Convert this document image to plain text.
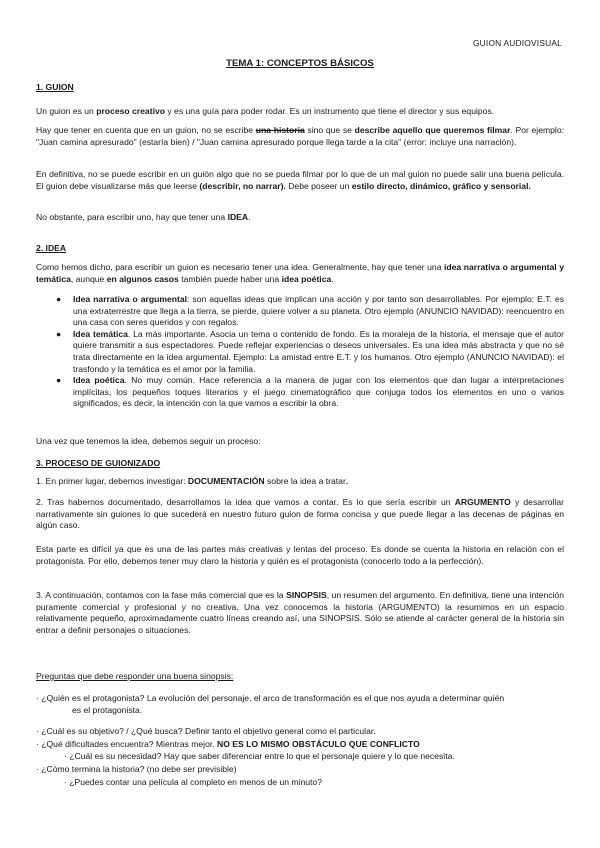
GUION AUDIOVISUAL
TEMA 1: CONCEPTOS BÁSICOS
1. GUION

Un guion es un proceso creativo y es una guía para poder rodar. Es un instrumento que tiene el director y sus equipos.

Hay que tener en cuenta que en un guion, no se escribe una historia sino que se describe aquello que queremos filmar. Por ejemplo: "Juan camina apresurado" (estaría bien) / "Juan camina apresurado porque llega tarde a la cita" (error: incluye una narración).

En definitiva, no se puede escribir en un guión algo que no se pueda filmar por lo que de un mal guion no puede salir una buena película. El guion debe visualizarse más que leerse (describir, no narrar). Debe poseer un estilo directo, dinámico, gráfico y sensorial.

No obstante, para escribir uno, hay que tener una IDEA.

2. IDEA

Como hemos dicho, para escribir un guion es necesario tener una idea. Generalmente, hay que tener una idea narrativa o argumental y temática, aunque en algunos casos también puede haber una idea poética.

● Idea narrativa o argumental: son aquellas ideas que implican una acción y por tanto son desarrollables. Por ejemplo: E.T. es una extraterrestre que llega a la tierra, se pierde, quiere volver a su planeta. Otro ejemplo (ANUNCIO NAVIDAD): reencuentro en una casa con seres queridos y con regalos.
● Idea temática. La más importante. Asocia un tema o contenido de fondo. Es la moraleja de la historia, el mensaje que el autor quiere transmitir a sus espectadores. Puede reflejar experiencias o deseos universales. Es una idea más abstracta y que no sé trata directamente en la idea argumental. Ejemplo: La amistad entre E.T. y los humanos. Otro ejemplo (ANUNCIO NAVIDAD): el trasfondo y la temática es el amor por la familia.
● Idea poética. No muy común. Hace referencia a la manera de jugar con los elementos que dan lugar a interpretaciones implícitas, los pequeños toques literarios y el juego cinematográfico que conjuga todos los elementos en uno o varios significados, es decir, la intención con la que vamos a escribir la obra.

Una vez que tenemos la idea, debemos seguir un proceso:

3. PROCESO DE GUIONIZADO

1. En primer lugar, debemos investigar: DOCUMENTACIÓN sobre la idea a tratar.

2. Tras habernos documentado, desarrollamos la idea que vamos a contar. Es lo que sería escribir un ARGUMENTO y desarrollar narrativamente sin guiones lo que sucederá en nuestro futuro guion de forma concisa y que puede llegar a las decenas de páginas en algún caso.

Esta parte es difícil ya que es una de las partes más creativas y lentas del proceso. Es donde se cuenta la historia en relación con el protagonista. Por ello, debemos tener muy claro la historia y quién es el protagonista (conocerlo todo a la perfección).

3. A continuación, contamos con la fase más comercial que es la SINOPSIS, un resumen del argumento. En definitiva, tiene una intención puramente comercial y profesional y no creativa. Una vez conocemos la historia (ARGUMENTO) la resumimos en un espacio relativamente pequeño, aproximadamente cuatro líneas creando así, una SINOPSIS. Sólo se atiende al carácter general de la historia sin entrar a definir personajes o situaciones.

Preguntas que debe responder una buena sinopsis:
· ¿Quién es el protagonista? La evolución del personaje, el arco de transformación es el que nos ayuda a determinar quién
es el protagonista.
· ¿Cuál es su objetivo? / ¿Qué busca? Definir tanto el objetivo general como el particular.
· ¿Qué dificultades encuentra? Mientras mejor. NO ES LO MISMO OBSTÁCULO QUE CONFLICTO
· ¿Cuál es su necesidad? Hay que saber diferenciar entre lo que el personaje quiere y lo que necesita.
· ¿Cómo termina la historia? (no debe ser previsible)
· ¿Puedes contar una película al completo en menos de un minuto?
